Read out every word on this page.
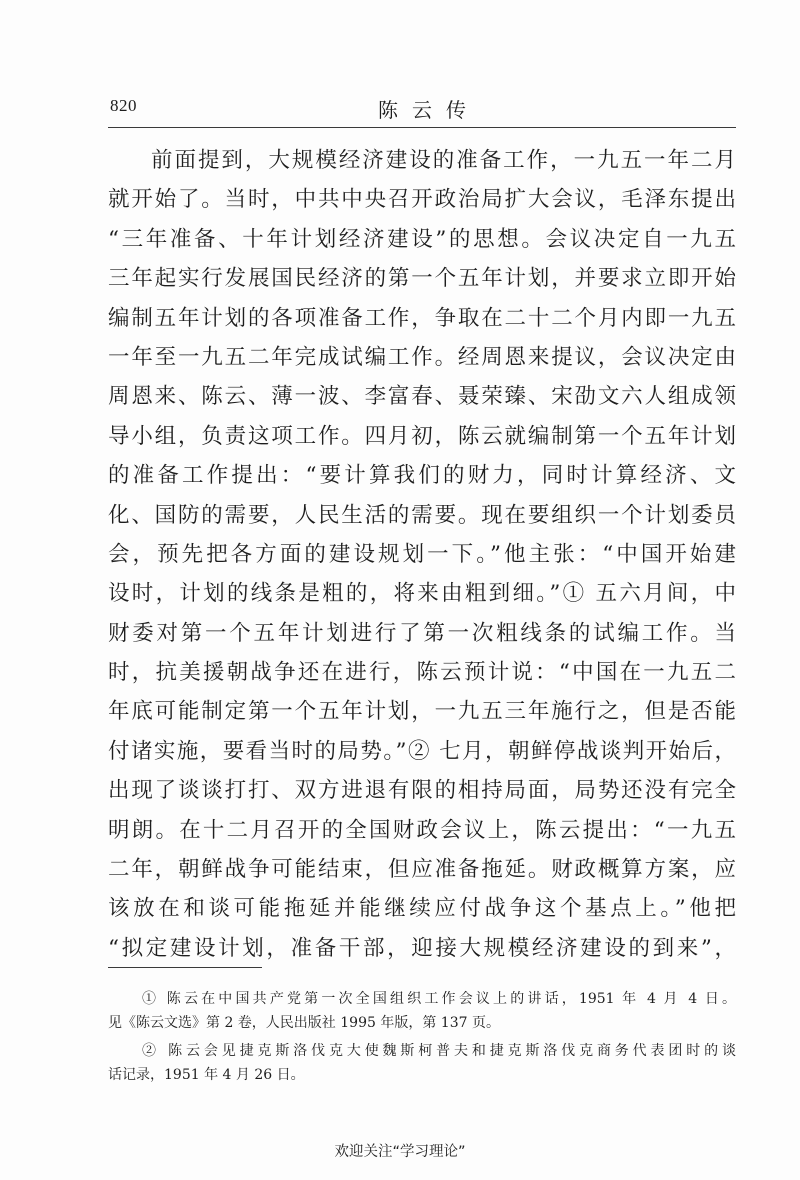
820	陈云传
前面提到，大规模经济建设的准备工作，一九五一年二月
就开始了。当时，中共中央召开政治局扩大会议，毛泽东提出
“三年准备、十年计划经济建设”的思想。会议决定自一九五
三年起实行发展国民经济的第一个五年计划，并要求立即开始
编制五年计划的各项准备工作，争取在二十二个月内即一九五
一年至一九五二年完成试编工作。经周恩来提议，会议决定由
周恩来、陈云、薄一波、李富春、聂荣臻、宋劭文六人组成领
导小组，负责这项工作。四月初，陈云就编制第一个五年计划
的准备工作提出：“要计算我们的财力，同时计算经济、文
化、国防的需要，人民生活的需要。现在要组织一个计划委员
会，预先把各方面的建设规划一下。”他主张：“中国开始建
设时，计划的线条是粗的，将来由粗到细。”① 五六月间，中
财委对第一个五年计划进行了第一次粗线条的试编工作。当
时，抗美援朝战争还在进行，陈云预计说：“中国在一九五二
年底可能制定第一个五年计划，一九五三年施行之，但是否能
付诸实施，要看当时的局势。”② 七月，朝鲜停战谈判开始后，
出现了谈谈打打、双方进退有限的相持局面，局势还没有完全
明朗。在十二月召开的全国财政会议上，陈云提出：“一九五
二年，朝鲜战争可能结束，但应准备拖延。财政概算方案，应
该放在和谈可能拖延并能继续应付战争这个基点上。”他把
“拟定建设计划，准备干部，迎接大规模经济建设的到来”，
① 陈云在中国共产党第一次全国组织工作会议上的讲话，1951 年 4 月 4 日。
见《陈云文选》第 2 卷，人民出版社 1995 年版，第 137 页。
② 陈云会见捷克斯洛伐克大使魏斯柯普夫和捷克斯洛伐克商务代表团时的谈
话记录，1951 年 4 月 26 日。
欢迎关注“学习理论”
